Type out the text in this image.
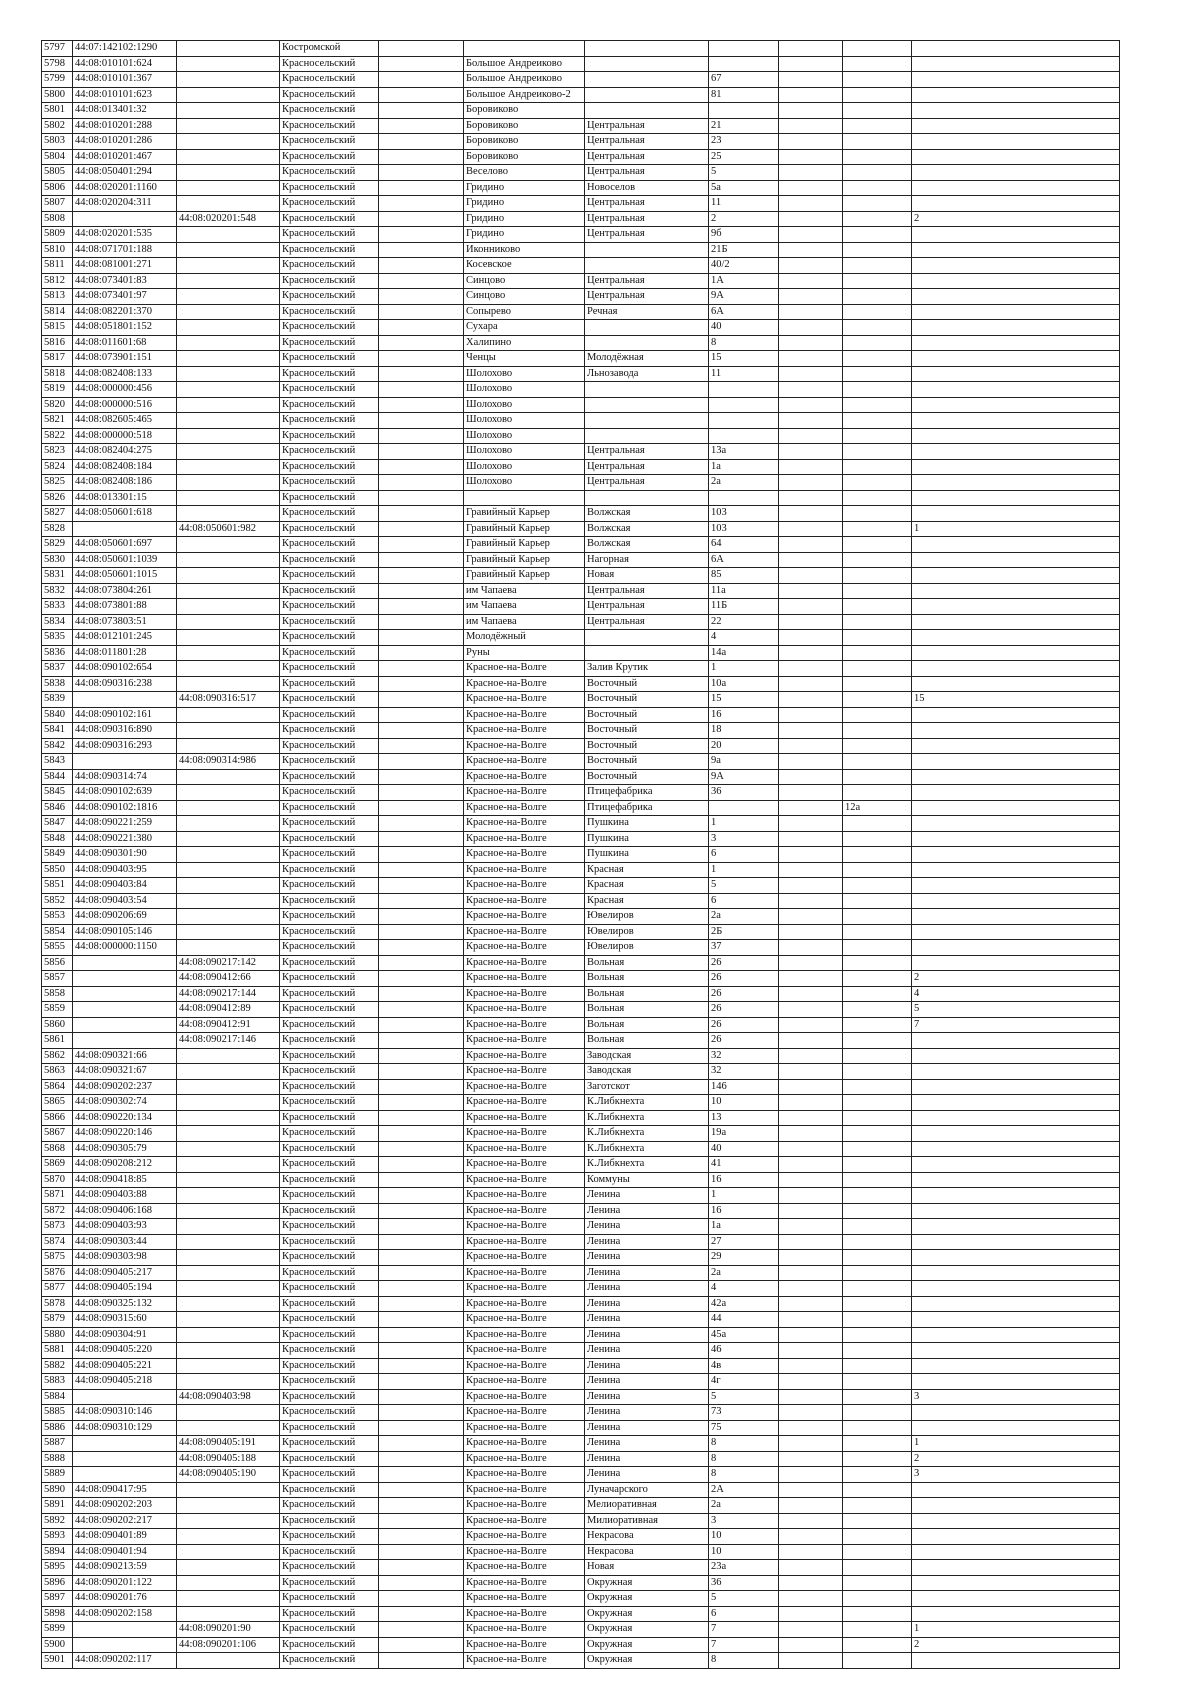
5797	44:07:142102:1290		Костромской							
5798	44:08:010101:624		Красносельский		Большое Андреиково					
5799	44:08:010101:367		Красносельский		Большое Андреиково		67			
5800	44:08:010101:623		Красносельский		Большое Андреиково-2		81			
5801	44:08:013401:32		Красносельский		Боровиково					
5802	44:08:010201:288		Красносельский		Боровиково	Центральная	21			
5803	44:08:010201:286		Красносельский		Боровиково	Центральная	23			
5804	44:08:010201:467		Красносельский		Боровиково	Центральная	25			
5805	44:08:050401:294		Красносельский		Веселово	Центральная	5			
5806	44:08:020201:1160		Красносельский		Гридино	Новоселов	5а			
5807	44:08:020204:311		Красносельский		Гридино	Центральная	11			
5808		44:08:020201:548	Красносельский		Гридино	Центральная	2			2
5809	44:08:020201:535		Красносельский		Гридино	Центральная	9б			
5810	44:08:071701:188		Красносельский		Иконниково		21Б			
5811	44:08:081001:271		Красносельский		Косевское		40/2			
5812	44:08:073401:83		Красносельский		Синцово	Центральная	1А			
5813	44:08:073401:97		Красносельский		Синцово	Центральная	9А			
5814	44:08:082201:370		Красносельский		Сопырево	Речная	6А			
5815	44:08:051801:152		Красносельский		Сухара		40			
5816	44:08:011601:68		Красносельский		Халипино		8			
5817	44:08:073901:151		Красносельский		Ченцы	Молодёжная	15			
5818	44:08:082408:133		Красносельский		Шолохово	Льнозавода	11			
5819	44:08:000000:456		Красносельский		Шолохово					
5820	44:08:000000:516		Красносельский		Шолохово					
5821	44:08:082605:465		Красносельский		Шолохово					
5822	44:08:000000:518		Красносельский		Шолохово					
5823	44:08:082404:275		Красносельский		Шолохово	Центральная	13а			
5824	44:08:082408:184		Красносельский		Шолохово	Центральная	1а			
5825	44:08:082408:186		Красносельский		Шолохово	Центральная	2а			
5826	44:08:013301:15		Красносельский							
5827	44:08:050601:618		Красносельский		Гравийный Карьер	Волжская	103			
5828		44:08:050601:982	Красносельский		Гравийный Карьер	Волжская	103			1
5829	44:08:050601:697		Красносельский		Гравийный Карьер	Волжская	64			
5830	44:08:050601:1039		Красносельский		Гравийный Карьер	Нагорная	6А			
5831	44:08:050601:1015		Красносельский		Гравийный Карьер	Новая	85			
5832	44:08:073804:261		Красносельский		им Чапаева	Центральная	11а			
5833	44:08:073801:88		Красносельский		им Чапаева	Центральная	11Б			
5834	44:08:073803:51		Красносельский		им Чапаева	Центральная	22			
5835	44:08:012101:245		Красносельский		Молодёжный		4			
5836	44:08:011801:28		Красносельский		Руны		14а			
5837	44:08:090102:654		Красносельский		Красное-на-Волге	Залив Крутик	1			
5838	44:08:090316:238		Красносельский		Красное-на-Волге	Восточный	10а			
5839		44:08:090316:517	Красносельский		Красное-на-Волге	Восточный	15			15
5840	44:08:090102:161		Красносельский		Красное-на-Волге	Восточный	16			
5841	44:08:090316:890		Красносельский		Красное-на-Волге	Восточный	18			
5842	44:08:090316:293		Красносельский		Красное-на-Волге	Восточный	20			
5843		44:08:090314:986	Красносельский		Красное-на-Волге	Восточный	9а			
5844	44:08:090314:74		Красносельский		Красное-на-Волге	Восточный	9А			
5845	44:08:090102:639		Красносельский		Красное-на-Волге	Птицефабрика	36			
5846	44:08:090102:1816		Красносельский		Красное-на-Волге	Птицефабрика			12а	
5847	44:08:090221:259		Красносельский		Красное-на-Волге	Пушкина	1			
5848	44:08:090221:380		Красносельский		Красное-на-Волге	Пушкина	3			
5849	44:08:090301:90		Красносельский		Красное-на-Волге	Пушкина	6			
5850	44:08:090403:95		Красносельский		Красное-на-Волге	Красная	1			
5851	44:08:090403:84		Красносельский		Красное-на-Волге	Красная	5			
5852	44:08:090403:54		Красносельский		Красное-на-Волге	Красная	6			
5853	44:08:090206:69		Красносельский		Красное-на-Волге	Ювелиров	2а			
5854	44:08:090105:146		Красносельский		Красное-на-Волге	Ювелиров	2Б			
5855	44:08:000000:1150		Красносельский		Красное-на-Волге	Ювелиров	37			
5856		44:08:090217:142	Красносельский		Красное-на-Волге	Вольная	26			
5857		44:08:090412:66	Красносельский		Красное-на-Волге	Вольная	26			2
5858		44:08:090217:144	Красносельский		Красное-на-Волге	Вольная	26			4
5859		44:08:090412:89	Красносельский		Красное-на-Волге	Вольная	26			5
5860		44:08:090412:91	Красносельский		Красное-на-Волге	Вольная	26			7
5861		44:08:090217:146	Красносельский		Красное-на-Волге	Вольная	26			
5862	44:08:090321:66		Красносельский		Красное-на-Волге	Заводская	32			
5863	44:08:090321:67		Красносельский		Красное-на-Волге	Заводская	32			
5864	44:08:090202:237		Красносельский		Красное-на-Волге	Заготскот	146			
5865	44:08:090302:74		Красносельский		Красное-на-Волге	К.Либкнехта	10			
5866	44:08:090220:134		Красносельский		Красное-на-Волге	К.Либкнехта	13			
5867	44:08:090220:146		Красносельский		Красное-на-Волге	К.Либкнехта	19а			
5868	44:08:090305:79		Красносельский		Красное-на-Волге	К.Либкнехта	40			
5869	44:08:090208:212		Красносельский		Красное-на-Волге	К.Либкнехта	41			
5870	44:08:090418:85		Красносельский		Красное-на-Волге	Коммуны	16			
5871	44:08:090403:88		Красносельский		Красное-на-Волге	Ленина	1			
5872	44:08:090406:168		Красносельский		Красное-на-Волге	Ленина	16			
5873	44:08:090403:93		Красносельский		Красное-на-Волге	Ленина	1а			
5874	44:08:090303:44		Красносельский		Красное-на-Волге	Ленина	27			
5875	44:08:090303:98		Красносельский		Красное-на-Волге	Ленина	29			
5876	44:08:090405:217		Красносельский		Красное-на-Волге	Ленина	2а			
5877	44:08:090405:194		Красносельский		Красное-на-Волге	Ленина	4			
5878	44:08:090325:132		Красносельский		Красное-на-Волге	Ленина	42а			
5879	44:08:090315:60		Красносельский		Красное-на-Волге	Ленина	44			
5880	44:08:090304:91		Красносельский		Красное-на-Волге	Ленина	45а			
5881	44:08:090405:220		Красносельский		Красное-на-Волге	Ленина	46			
5882	44:08:090405:221		Красносельский		Красное-на-Волге	Ленина	4в			
5883	44:08:090405:218		Красносельский		Красное-на-Волге	Ленина	4г			
5884		44:08:090403:98	Красносельский		Красное-на-Волге	Ленина	5			3
5885	44:08:090310:146		Красносельский		Красное-на-Волге	Ленина	73			
5886	44:08:090310:129		Красносельский		Красное-на-Волге	Ленина	75			
5887		44:08:090405:191	Красносельский		Красное-на-Волге	Ленина	8			1
5888		44:08:090405:188	Красносельский		Красное-на-Волге	Ленина	8			2
5889		44:08:090405:190	Красносельский		Красное-на-Волге	Ленина	8			3
5890	44:08:090417:95		Красносельский		Красное-на-Волге	Луначарского	2А			
5891	44:08:090202:203		Красносельский		Красное-на-Волге	Мелиоративная	2а			
5892	44:08:090202:217		Красносельский		Красное-на-Волге	Милиоративная	3			
5893	44:08:090401:89		Красносельский		Красное-на-Волге	Некрасова	10			
5894	44:08:090401:94		Красносельский		Красное-на-Волге	Некрасова	10			
5895	44:08:090213:59		Красносельский		Красное-на-Волге	Новая	23а			
5896	44:08:090201:122		Красносельский		Красное-на-Волге	Окружная	36			
5897	44:08:090201:76		Красносельский		Красное-на-Волге	Окружная	5			
5898	44:08:090202:158		Красносельский		Красное-на-Волге	Окружная	6			
5899		44:08:090201:90	Красносельский		Красное-на-Волге	Окружная	7			1
5900		44:08:090201:106	Красносельский		Красное-на-Волге	Окружная	7			2
5901	44:08:090202:117		Красносельский		Красное-на-Волге	Окружная	8			
